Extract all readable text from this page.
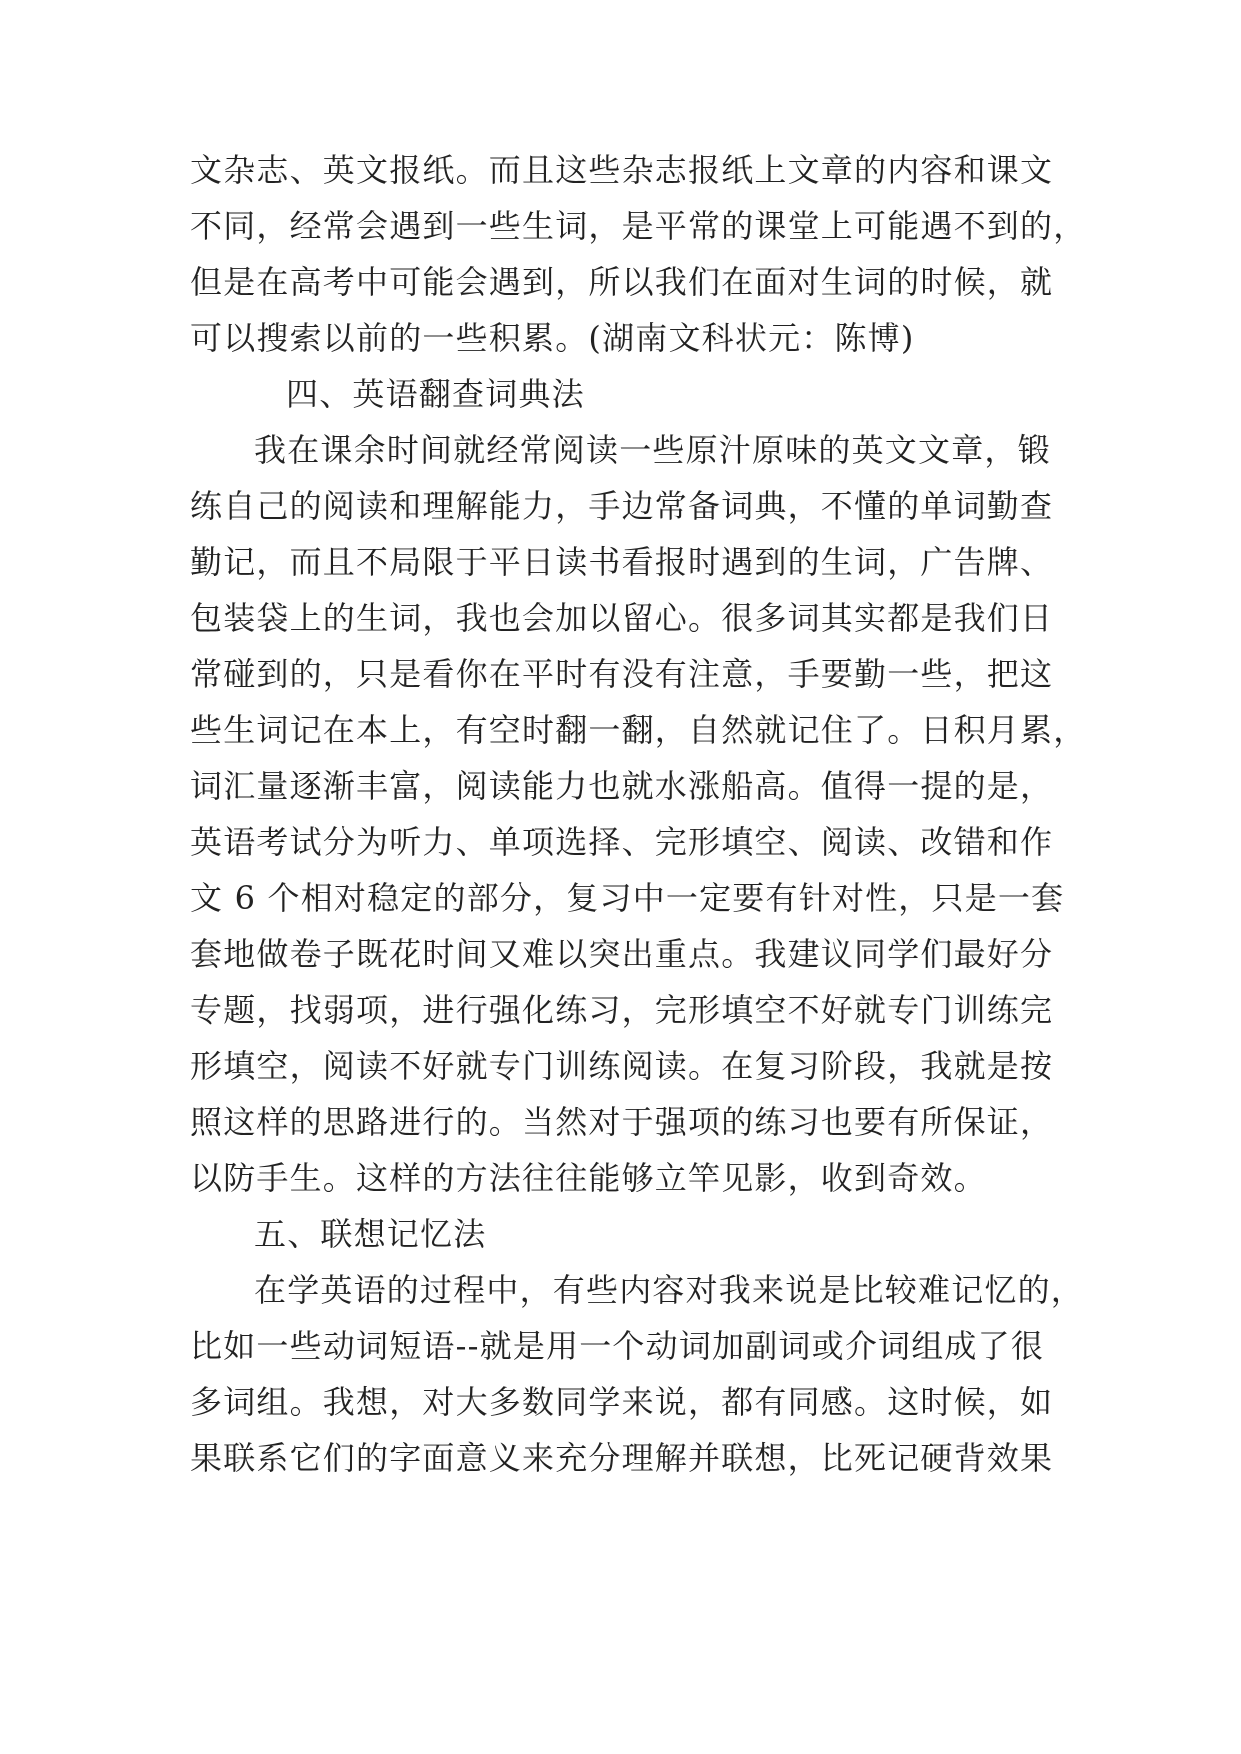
文杂志、英文报纸。而且这些杂志报纸上文章的内容和课文
不同，经常会遇到一些生词，是平常的课堂上可能遇不到的，
但是在高考中可能会遇到，所以我们在面对生词的时候，就
可以搜索以前的一些积累。(湖南文科状元：陈博)
四、英语翻查词典法
我在课余时间就经常阅读一些原汁原味的英文文章，锻
练自己的阅读和理解能力，手边常备词典，不懂的单词勤查
勤记，而且不局限于平日读书看报时遇到的生词，广告牌、
包装袋上的生词，我也会加以留心。很多词其实都是我们日
常碰到的，只是看你在平时有没有注意，手要勤一些，把这
些生词记在本上，有空时翻一翻，自然就记住了。日积月累，
词汇量逐渐丰富，阅读能力也就水涨船高。值得一提的是，
英语考试分为听力、单项选择、完形填空、阅读、改错和作
文 6 个相对稳定的部分，复习中一定要有针对性，只是一套
套地做卷子既花时间又难以突出重点。我建议同学们最好分
专题，找弱项，进行强化练习，完形填空不好就专门训练完
形填空，阅读不好就专门训练阅读。在复习阶段，我就是按
照这样的思路进行的。当然对于强项的练习也要有所保证，
以防手生。这样的方法往往能够立竿见影，收到奇效。
五、联想记忆法
在学英语的过程中，有些内容对我来说是比较难记忆的，
比如一些动词短语--就是用一个动词加副词或介词组成了很
多词组。我想，对大多数同学来说，都有同感。这时候，如
果联系它们的字面意义来充分理解并联想，比死记硬背效果
